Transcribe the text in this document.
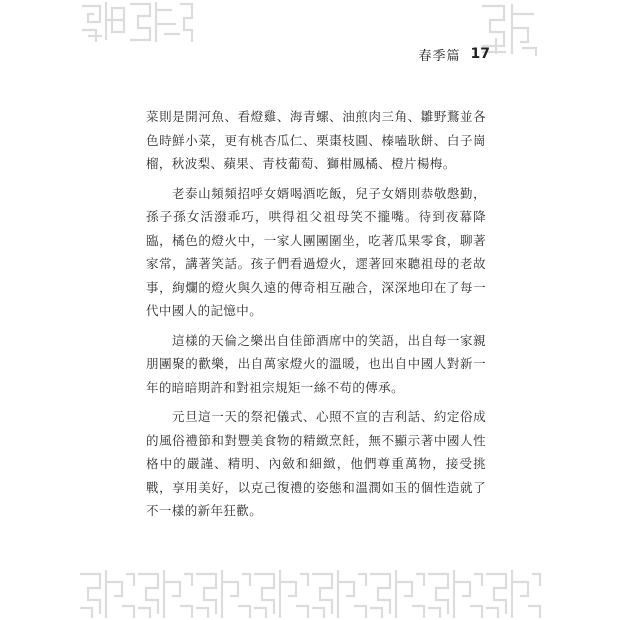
春季篇 17

菜則是開河魚、看燈雞、海青螺、油煎肉三角、雛野鶩並各色時鮮小菜，更有桃杏瓜仁、栗棗枝圓、榛嗑耿餅、白子崗榴，秋波梨、蘋果、青枝葡萄、獅柑鳳橘、橙片楊梅。

老泰山頻頻招呼女婿喝酒吃飯，兒子女婿則恭敬慇勤，孫子孫女活潑乖巧，哄得祖父祖母笑不攏嘴。待到夜幕降臨，橘色的燈火中，一家人團團圍坐，吃著瓜果零食，聊著家常，講著笑話。孩子們看過燈火，遝著回來聽祖母的老故事，絢爛的燈火與久遠的傳奇相互融合，深深地印在了每一代中國人的記憶中。

這樣的天倫之樂出自佳節酒席中的笑語，出自每一家親朋團聚的歡樂，出自萬家燈火的溫暖，也出自中國人對新一年的暗暗期許和對祖宗規矩一絲不苟的傳承。

元旦這一天的祭祀儀式、心照不宣的吉利話、約定俗成的風俗禮節和對豐美食物的精緻烹飪，無不顯示著中國人性格中的嚴謹、精明、內斂和細緻，他們尊重萬物，接受挑戰，享用美好，以克己復禮的姿態和溫潤如玉的個性造就了不一樣的新年狂歡。
